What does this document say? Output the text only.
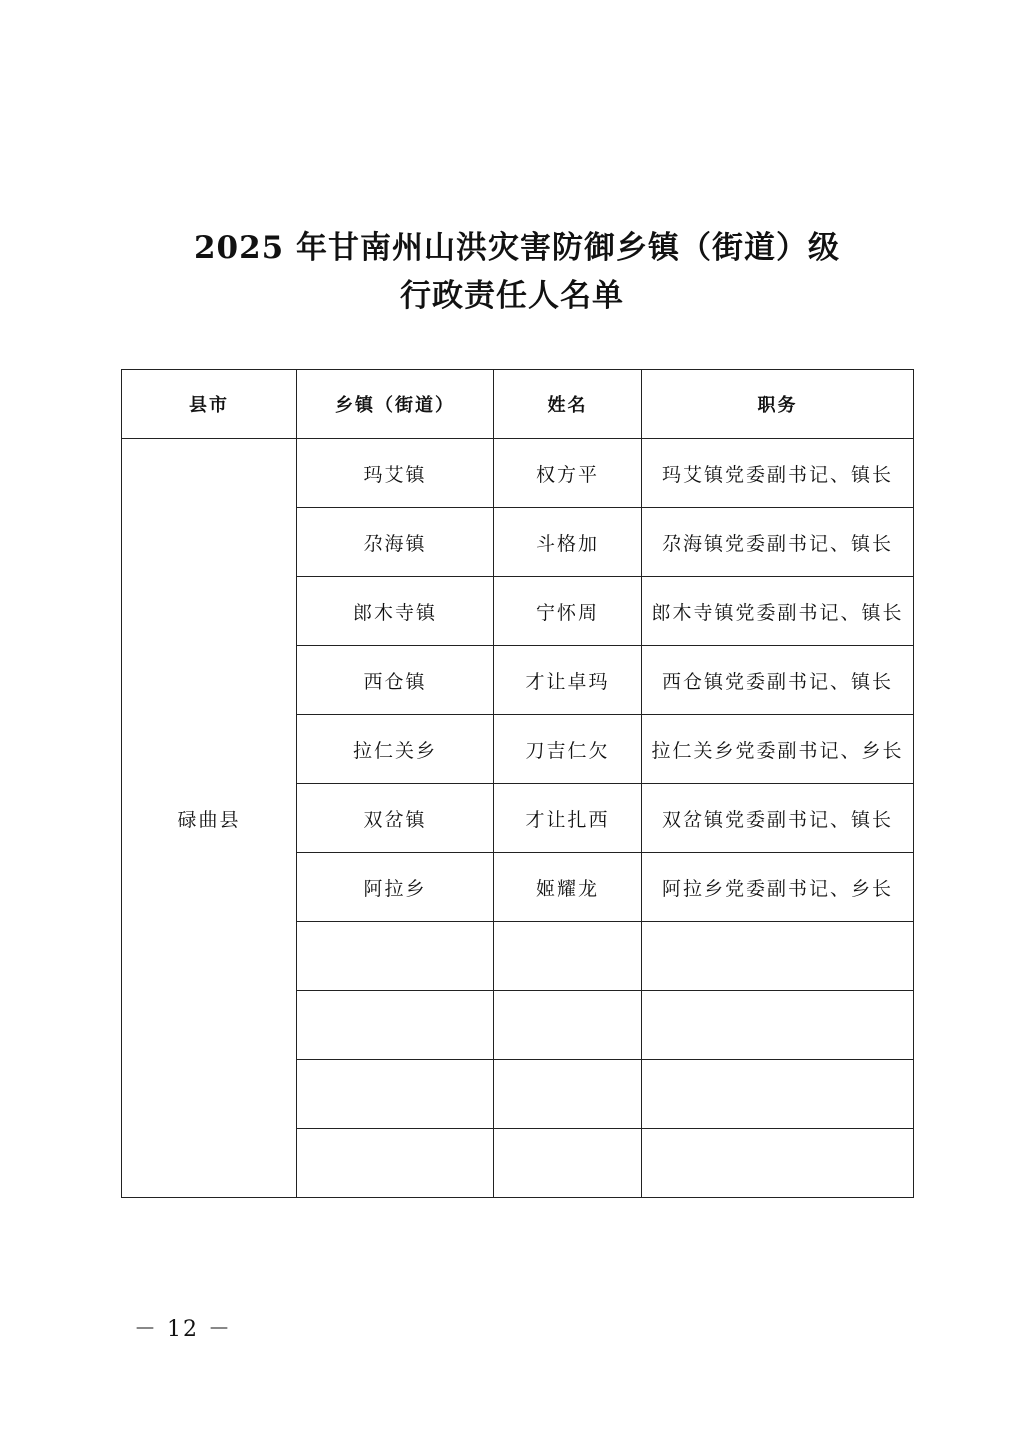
2025 年甘南州山洪灾害防御乡镇（街道）级
行政责任人名单
县市	乡镇（街道）	姓名	职务
碌曲县	玛艾镇	权方平	玛艾镇党委副书记、镇长
	尕海镇	斗格加	尕海镇党委副书记、镇长
	郎木寺镇	宁怀周	郎木寺镇党委副书记、镇长
	西仓镇	才让卓玛	西仓镇党委副书记、镇长
	拉仁关乡	刀吉仁欠	拉仁关乡党委副书记、乡长
	双岔镇	才让扎西	双岔镇党委副书记、镇长
	阿拉乡	姬耀龙	阿拉乡党委副书记、乡长

－ 12 －
